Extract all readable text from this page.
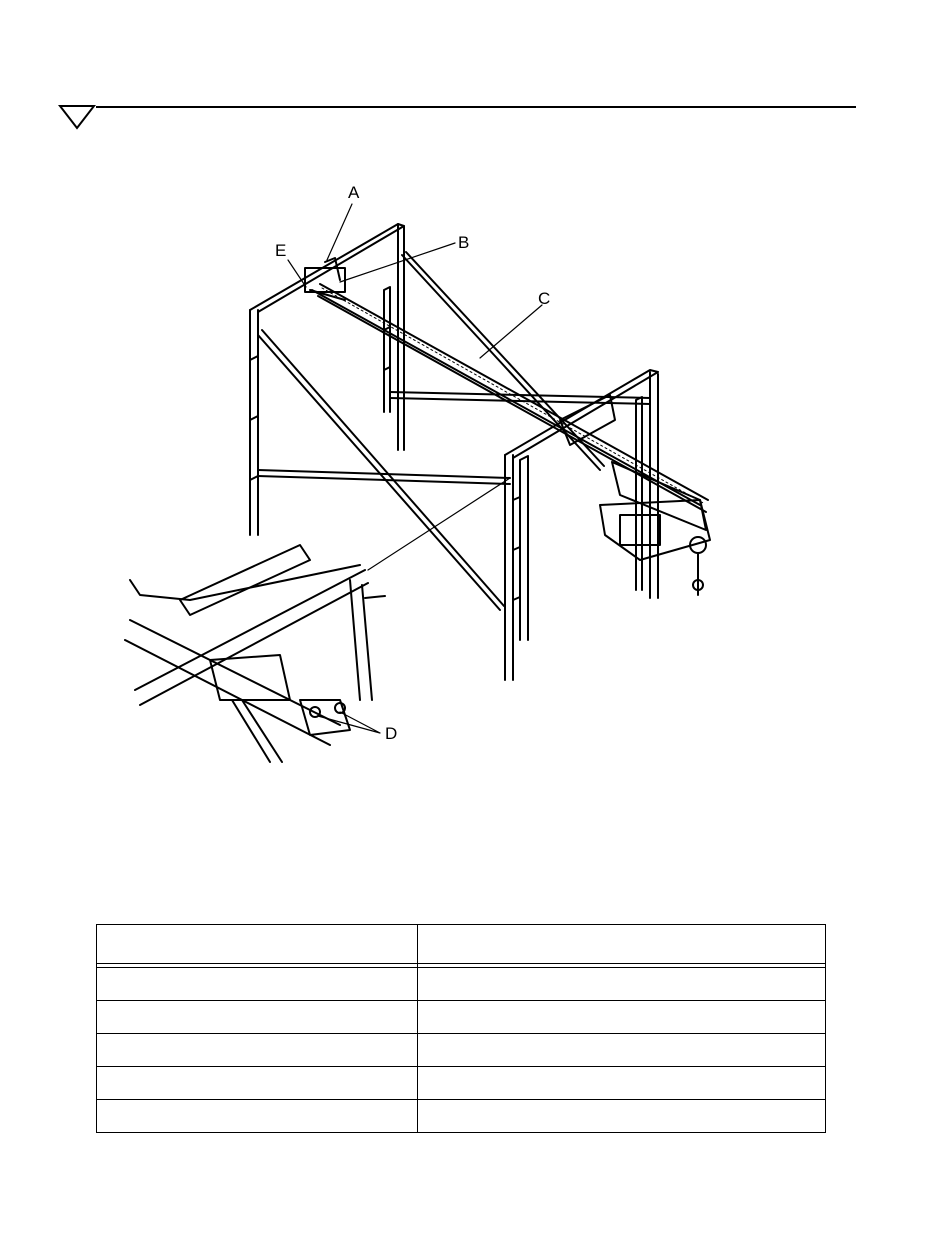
A
B
C
E
D
